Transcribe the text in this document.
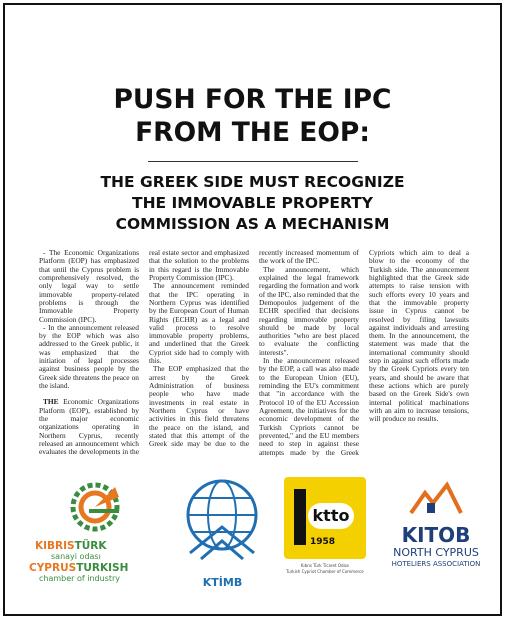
PUSH FOR THE IPC
FROM THE EOP:
THE GREEK SIDE MUST RECOGNIZE
THE IMMOVABLE PROPERTY
COMMISSION AS A MECHANISM

- The Economic Organizations Platform (EOP) has emphasized that until the Cyprus problem is comprehensively resolved, the only legal way to settle immovable property-related problems is through the Immovable Property Commission (IPC).

- In the announcement released by the EOP which was also addressed to the Greek public, it was emphasized that the initiation of legal processes against business people by the Greek side threatens the peace on the island.

THE Economic Organizations Platform (EOP), established by the major economic organizations operating in Northern Cyprus, recently released an announcement which evaluates the developments in the real estate sector and emphasized that the solution to the problems in this regard is the Immovable Property Commission (IPC).

The announcement reminded that the IPC operating in Northern Cyprus was identified by the European Court of Human Rights (ECHR) as a legal and valid process to resolve immovable property problems, and underlined that the Greek Cypriot side had to comply with this.

The EOP emphasized that the arrest by the Greek Administration of business people who have made investments in real estate in Northern Cyprus or have activities in this field threatens the peace on the island, and stated that this attempt of the Greek side may be due to the recently increased momentum of the work of the IPC.

The announcement, which explained the legal framework regarding the formation and work of the IPC, also reminded that the Demopoulos judgement of the ECHR specified that decisions regarding immovable property should be made by local authorities "who are best placed to evaluate the conflicting interests".

In the announcement released by the EOP, a call was also made to the European Union (EU), reminding the EU's commitment that "in accordance with the Protocol 10 of the EU Accession Agreement, the initiatives for the economic development of the Turkish Cypriots cannot be prevented," and the EU members need to step in against these attempts made by the Greek Cypriots which aim to deal a blow to the economy of the Turkish side. The announcement highlighted that the Greek side attempts to raise tension with such efforts every 10 years and that the immovable property issue in Cyprus cannot be resolved by filing lawsuits against individuals and arresting them. In the announcement, the statement was made that the international community should step in against such efforts made by the Greek Cypriots every ten years, and should be aware that these actions which are purely based on the Greek Side's own internal political machinations with an aim to increase tensions, will produce no results.

KIBRISTÜRK
sanayi odası
CYPRUSTURKISH
chamber of industry	KTİMB
ktto
1958
Kıbrıs Türk Ticaret Odası
Turkish Cypriot Chamber of Commerce
KITOB
NORTH CYPRUS
HOTELIERS ASSOCIATION
